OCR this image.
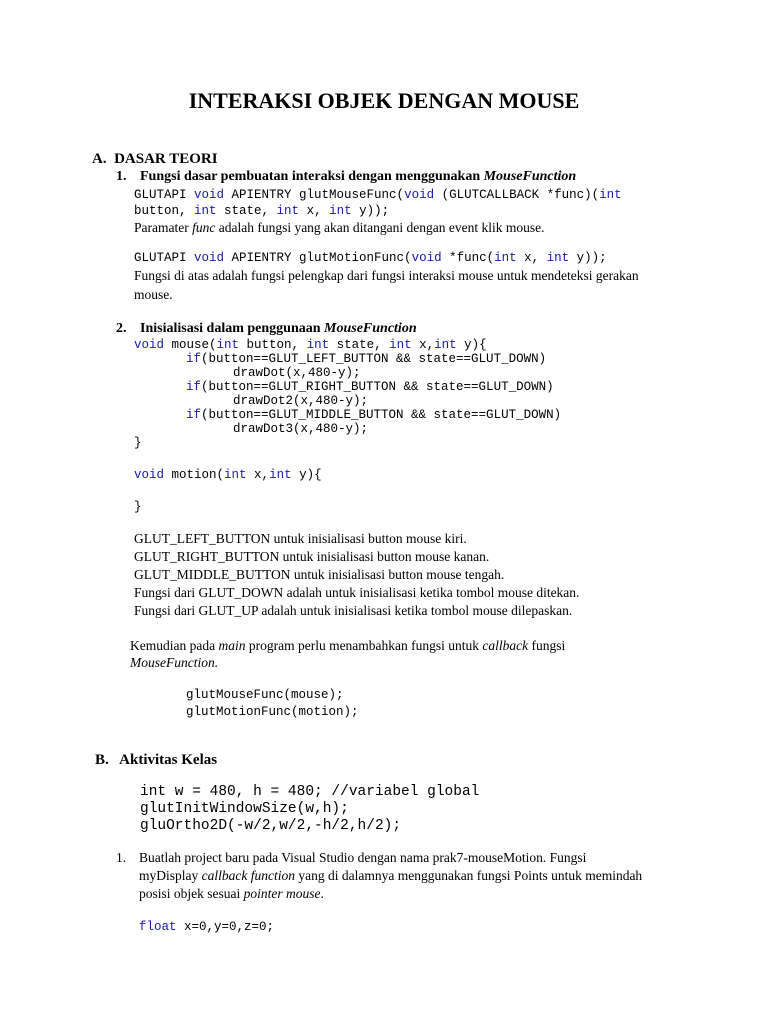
INTERAKSI OBJEK DENGAN MOUSE
A.  DASAR TEORI
1. Fungsi dasar pembuatan interaksi dengan menggunakan MouseFunction
GLUTAPI void APIENTRY glutMouseFunc(void (GLUTCALLBACK *func)(int
button, int state, int x, int y));
Paramater func adalah fungsi yang akan ditangani dengan event klik mouse.
GLUTAPI void APIENTRY glutMotionFunc(void *func(int x, int y));
Fungsi di atas adalah fungsi pelengkap dari fungsi interaksi mouse untuk mendeteksi gerakan
mouse.
2. Inisialisasi dalam penggunaan MouseFunction
void mouse(int button, int state, int x,int y){
if(button==GLUT_LEFT_BUTTON && state==GLUT_DOWN)
drawDot(x,480-y);
if(button==GLUT_RIGHT_BUTTON && state==GLUT_DOWN)
drawDot2(x,480-y);
if(button==GLUT_MIDDLE_BUTTON && state==GLUT_DOWN)
drawDot3(x,480-y);
}
void motion(int x,int y){
}
GLUT_LEFT_BUTTON untuk inisialisasi button mouse kiri.
GLUT_RIGHT_BUTTON untuk inisialisasi button mouse kanan.
GLUT_MIDDLE_BUTTON untuk inisialisasi button mouse tengah.
Fungsi dari GLUT_DOWN adalah untuk inisialisasi ketika tombol mouse ditekan.
Fungsi dari GLUT_UP adalah untuk inisialisasi ketika tombol mouse dilepaskan.
Kemudian pada main program perlu menambahkan fungsi untuk callback fungsi
MouseFunction.
glutMouseFunc(mouse);
glutMotionFunc(motion);
B.   Aktivitas Kelas
int w = 480, h = 480; //variabel global
glutInitWindowSize(w,h);
gluOrtho2D(-w/2,w/2,-h/2,h/2);
1. Buatlah project baru pada Visual Studio dengan nama prak7-mouseMotion. Fungsi
myDisplay callback function yang di dalamnya menggunakan fungsi Points untuk memindah
posisi objek sesuai pointer mouse.
float x=0,y=0,z=0;
